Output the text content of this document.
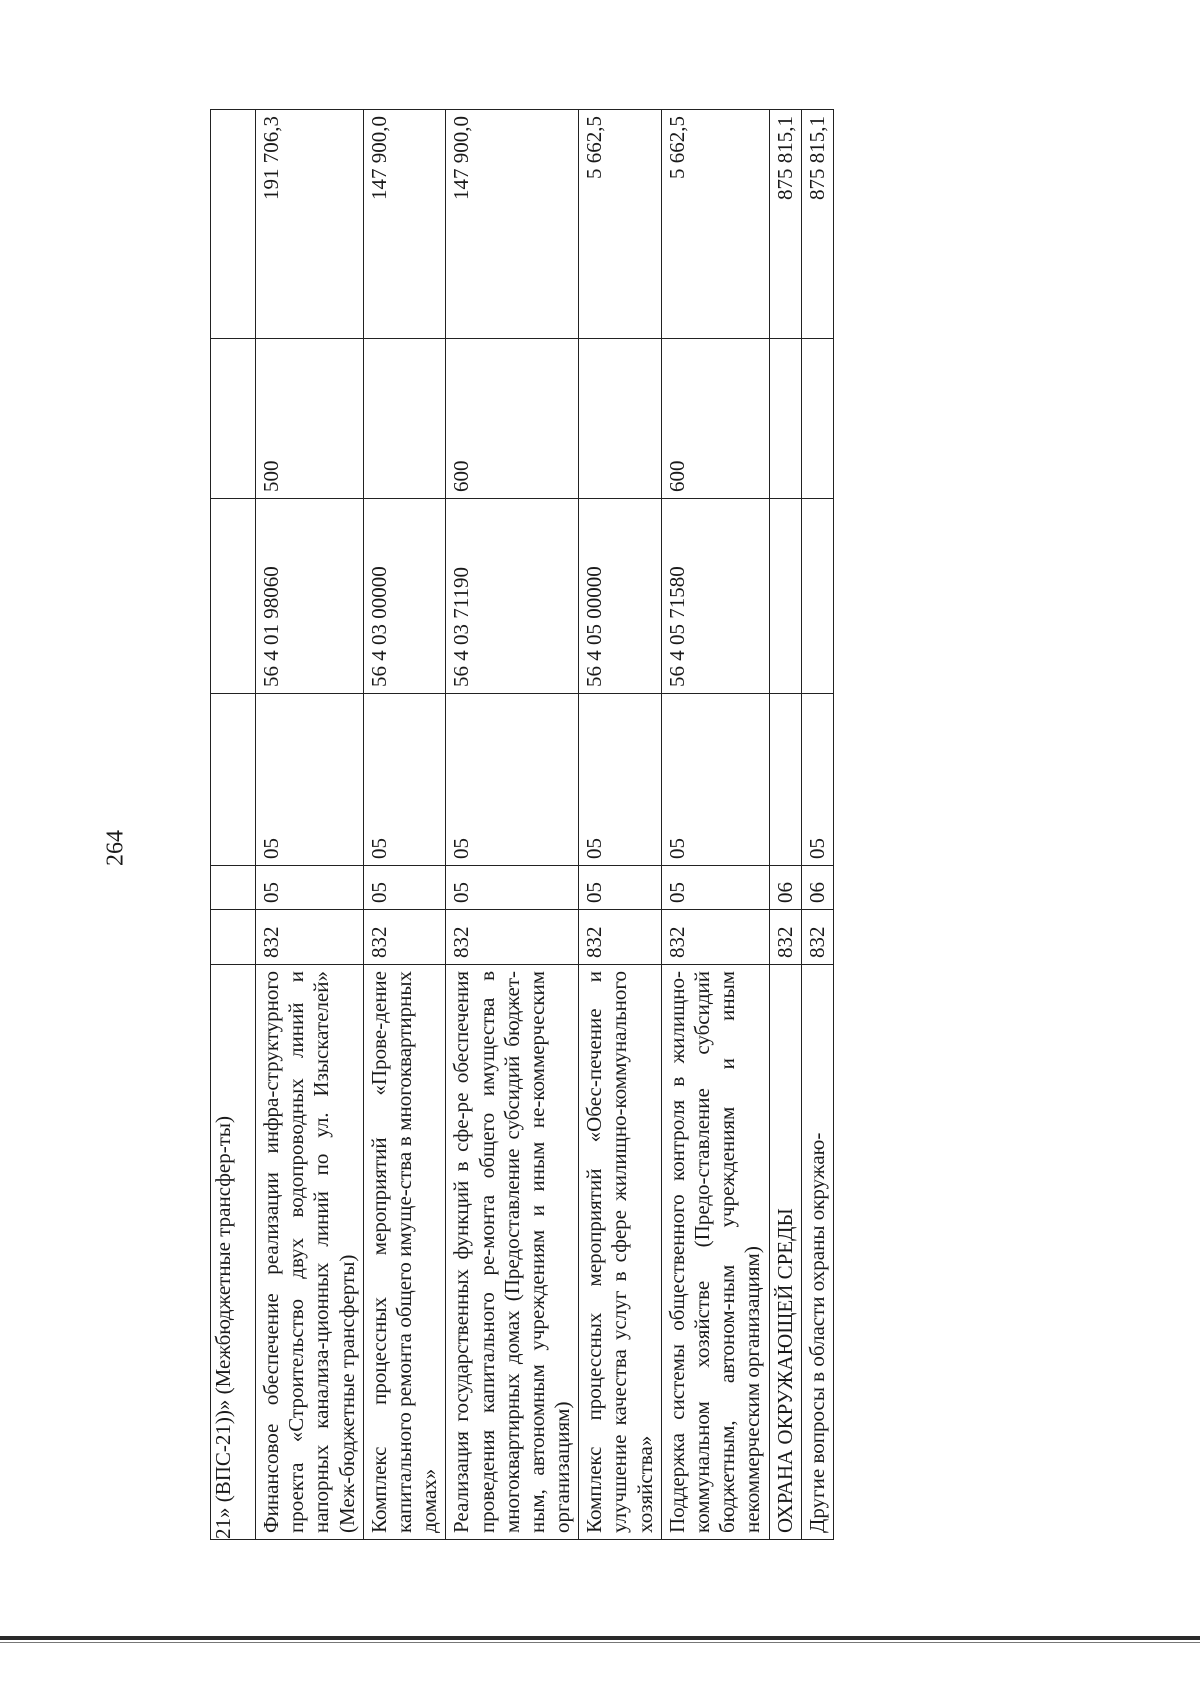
264
21» (ВПС-21))» (Межбюджетные трансфер-ты)						
Финансовое обеспечение реализации инфра-структурного проекта «Строительство двух водопроводных линий и напорных канализа-ционных линий по ул. Изыскателей» (Меж-бюджетные трансферты)	832	05	05	56 4 01 98060	500	191 706,3
Комплекс процессных мероприятий «Прове-дение капитального ремонта общего имуще-ства в многоквартирных домах»	832	05	05	56 4 03 00000		147 900,0
Реализация государственных функций в сфе-ре обеспечения проведения капитального ре-монта общего имущества в многоквартирных домах (Предоставление субсидий бюджет-ным, автономным учреждениям и иным не-коммерческим организациям)	832	05	05	56 4 03 71190	600	147 900,0
Комплекс процессных мероприятий «Обес-печение и улучшение качества услуг в сфере жилищно-коммунального хозяйства»	832	05	05	56 4 05 00000		5 662,5
Поддержка системы общественного контроля в жилищно-коммунальном хозяйстве (Предо-ставление субсидий бюджетным, автоном-ным учреждениям и иным некоммерческим организациям)	832	05	05	56 4 05 71580	600	5 662,5
ОХРАНА ОКРУЖАЮЩЕЙ СРЕДЫ	832	06				875 815,1
Другие вопросы в области охраны окружаю-	832	06	05			875 815,1
